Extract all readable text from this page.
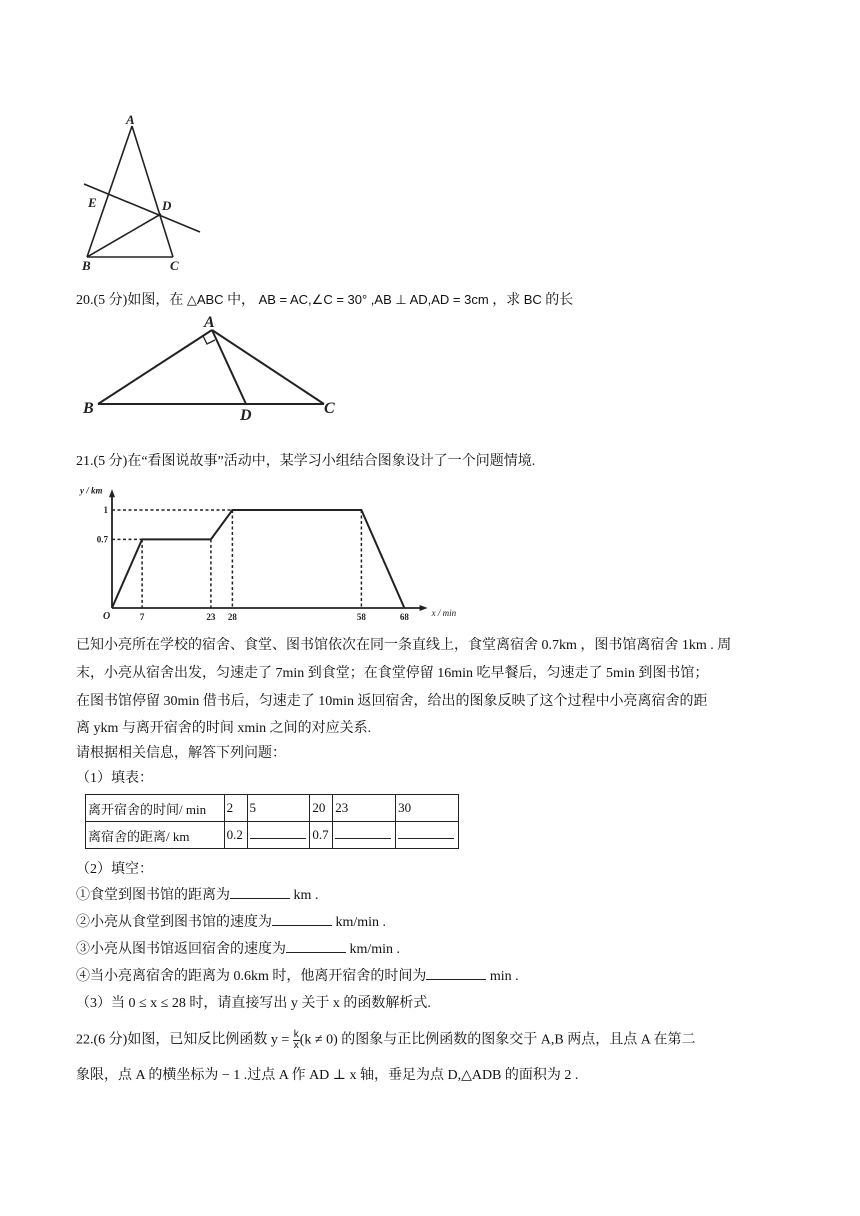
A
E	D
B	C
20.(5 分)如图，在 △ABC 中， AB = AC,∠C = 30° ,AB ⊥ AD,AD = 3cm ，求 BC 的长
A
B	D	C
21.(5 分)在“看图说故事”活动中，某学习小组结合图象设计了一个问题情境.
7	23 28	58	68
0.7
1
O	x / min
y / km
已知小亮所在学校的宿舍、食堂、图书馆依次在同一条直线上，食堂离宿舍 0.7km ，图书馆离宿舍 1km . 周
末，小亮从宿舍出发，匀速走了 7min 到食堂；在食堂停留 16min 吃早餐后，匀速走了 5min 到图书馆；
在图书馆停留 30min 借书后，匀速走了 10min 返回宿舍，给出的图象反映了这个过程中小亮离宿舍的距
离 ykm 与离开宿舍的时间 xmin 之间的对应关系.
请根据相关信息，解答下列问题：
（1）填表：
离开宿舍的时间/ min	2	5	20	23	30
离宿舍的距离/ km	0.2		0.7		
（2）填空：
①食堂到图书馆的距离为	km .
②小亮从食堂到图书馆的速度为	km/min .
③小亮从图书馆返回宿舍的速度为	km/min .
④当小亮离宿舍的距离为 0.6km 时，他离开宿舍的时间为	min .
（3）当 0 ≤ x ≤ 28 时，请直接写出 y 关于 x 的函数解析式.
22.(6 分)如图，已知反比例函数 $y = \frac{k}{x} (k \ne 0)$ 的图象与正比例函数的图象交于 A,B 两点，且点 A 在第二
象限，点 A 的横坐标为 − 1 .过点 A 作 AD ⊥ x 轴，垂足为点 D,△ADB 的面积为 2 .
